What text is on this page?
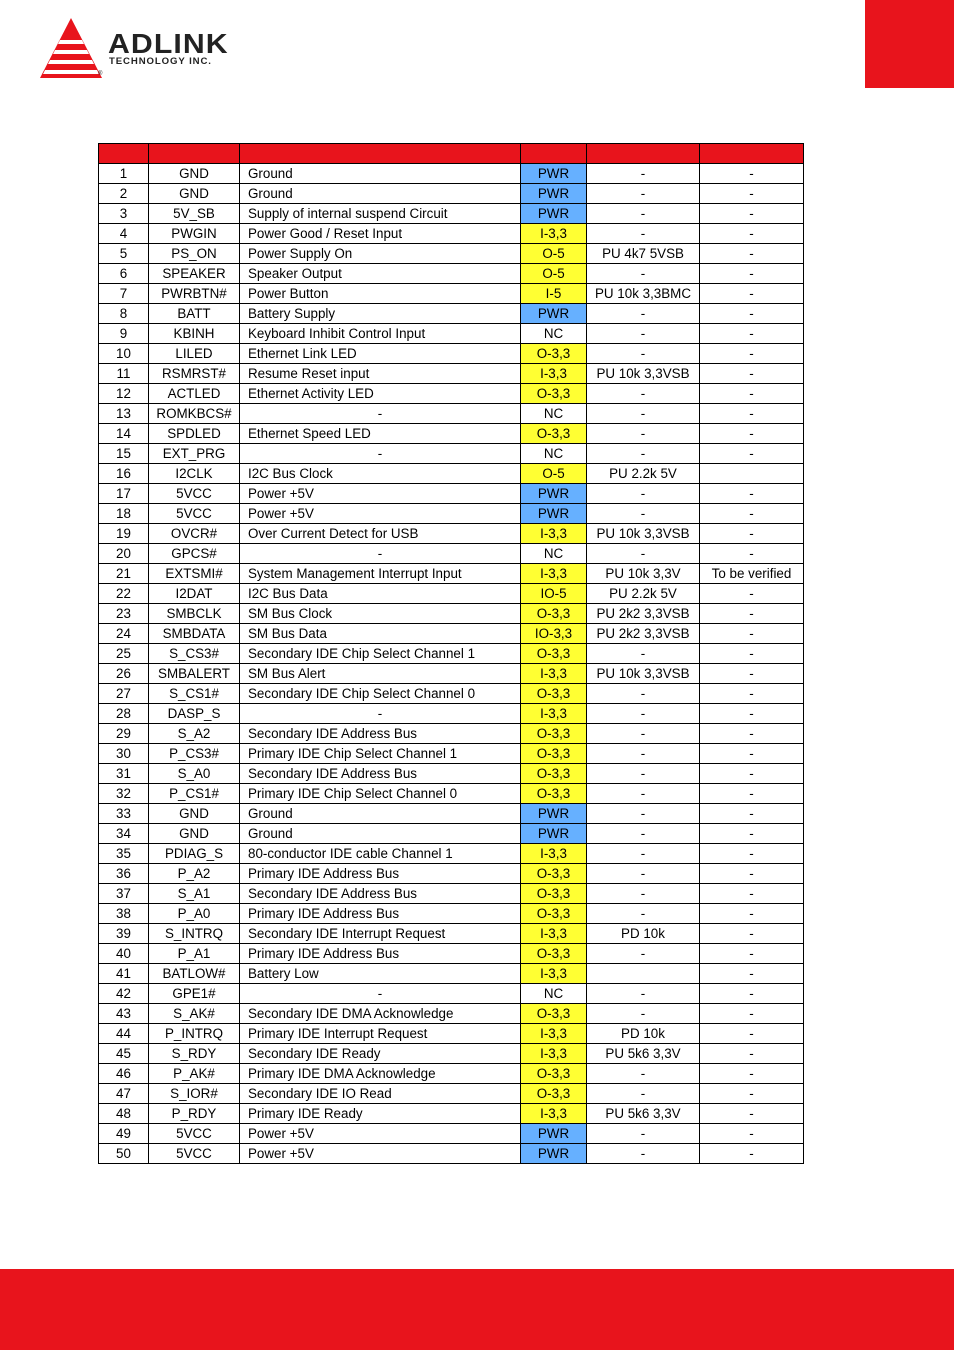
ADLINK
TECHNOLOGY INC.
®

1	GND	Ground	PWR	-	-
2	GND	Ground	PWR	-	-
3	5V_SB	Supply of internal suspend Circuit	PWR	-	-
4	PWGIN	Power Good / Reset Input	I-3,3	-	-
5	PS_ON	Power Supply On	O-5	PU 4k7 5VSB	-
6	SPEAKER	Speaker Output	O-5	-	-
7	PWRBTN#	Power Button	I-5	PU 10k 3,3BMC	-
8	BATT	Battery Supply	PWR	-	-
9	KBINH	Keyboard Inhibit Control Input	NC	-	-
10	LILED	Ethernet Link LED	O-3,3	-	-
11	RSMRST#	Resume Reset input	I-3,3	PU 10k 3,3VSB	-
12	ACTLED	Ethernet Activity LED	O-3,3	-	-
13	ROMKBCS#	-	NC	-	-
14	SPDLED	Ethernet Speed LED	O-3,3	-	-
15	EXT_PRG	-	NC	-	-
16	I2CLK	I2C Bus Clock	O-5	PU 2.2k 5V	
17	5VCC	Power +5V	PWR	-	-
18	5VCC	Power +5V	PWR	-	-
19	OVCR#	Over Current Detect for USB	I-3,3	PU 10k 3,3VSB	-
20	GPCS#	-	NC	-	-
21	EXTSMI#	System Management Interrupt Input	I-3,3	PU 10k 3,3V	To be verified
22	I2DAT	I2C Bus Data	IO-5	PU 2.2k 5V	-
23	SMBCLK	SM Bus Clock	O-3,3	PU 2k2 3,3VSB	-
24	SMBDATA	SM Bus Data	IO-3,3	PU 2k2 3,3VSB	-
25	S_CS3#	Secondary IDE Chip Select Channel 1	O-3,3	-	-
26	SMBALERT	SM Bus Alert	I-3,3	PU 10k 3,3VSB	-
27	S_CS1#	Secondary IDE Chip Select Channel 0	O-3,3	-	-
28	DASP_S	-	I-3,3	-	-
29	S_A2	Secondary IDE Address Bus	O-3,3	-	-
30	P_CS3#	Primary IDE Chip Select Channel 1	O-3,3	-	-
31	S_A0	Secondary IDE Address Bus	O-3,3	-	-
32	P_CS1#	Primary IDE Chip Select Channel 0	O-3,3	-	-
33	GND	Ground	PWR	-	-
34	GND	Ground	PWR	-	-
35	PDIAG_S	80-conductor IDE cable Channel 1	I-3,3	-	-
36	P_A2	Primary IDE Address Bus	O-3,3	-	-
37	S_A1	Secondary IDE Address Bus	O-3,3	-	-
38	P_A0	Primary IDE Address Bus	O-3,3	-	-
39	S_INTRQ	Secondary IDE Interrupt Request	I-3,3	PD 10k	-
40	P_A1	Primary IDE Address Bus	O-3,3	-	-
41	BATLOW#	Battery Low	I-3,3		-
42	GPE1#	-	NC	-	-
43	S_AK#	Secondary IDE DMA Acknowledge	O-3,3	-	-
44	P_INTRQ	Primary IDE Interrupt Request	I-3,3	PD 10k	-
45	S_RDY	Secondary IDE Ready	I-3,3	PU 5k6 3,3V	-
46	P_AK#	Primary IDE DMA Acknowledge	O-3,3	-	-
47	S_IOR#	Secondary IDE IO Read	O-3,3	-	-
48	P_RDY	Primary IDE Ready	I-3,3	PU 5k6 3,3V	-
49	5VCC	Power +5V	PWR	-	-
50	5VCC	Power +5V	PWR	-	-
